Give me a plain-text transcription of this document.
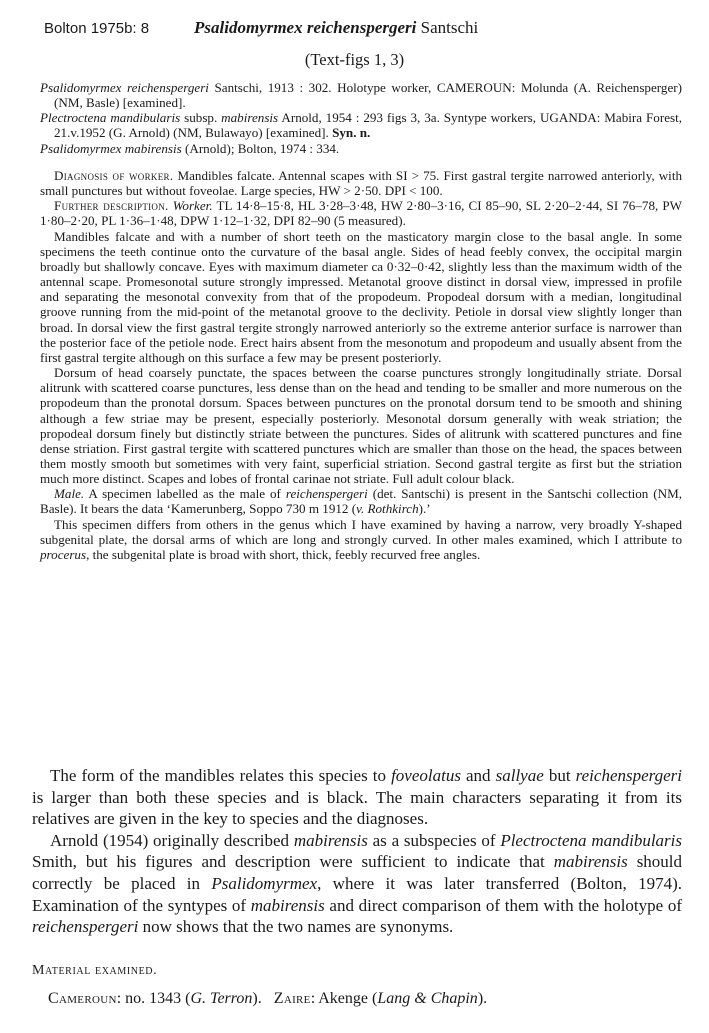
Bolton 1975b: 8	Psalidomyrmex reichenspergeri Santschi
(Text-figs 1, 3)

Psalidomyrmex reichenspergeri Santschi, 1913 : 302. Holotype worker, CAMEROUN: Molunda (A. Reichensperger) (NM, Basle) [examined].

Plectroctena mandibularis subsp. mabirensis Arnold, 1954 : 293 figs 3, 3a. Syntype workers, UGANDA: Mabira Forest, 21.v.1952 (G. Arnold) (NM, Bulawayo) [examined]. Syn. n.

Psalidomyrmex mabirensis (Arnold); Bolton, 1974 : 334.

Diagnosis of worker. Mandibles falcate. Antennal scapes with SI > 75. First gastral tergite narrowed anteriorly, with small punctures but without foveolae. Large species, HW > 2·50. DPI < 100.

Further description. Worker. TL 14·8–15·8, HL 3·28–3·48, HW 2·80–3·16, CI 85–90, SL 2·20–2·44, SI 76–78, PW 1·80–2·20, PL 1·36–1·48, DPW 1·12–1·32, DPI 82–90 (5 measured).

Mandibles falcate and with a number of short teeth on the masticatory margin close to the basal angle. In some specimens the teeth continue onto the curvature of the basal angle. Sides of head feebly convex, the occipital margin broadly but shallowly concave. Eyes with maximum diameter ca 0·32–0·42, slightly less than the maximum width of the antennal scape. Promesonotal suture strongly impressed. Metanotal groove distinct in dorsal view, impressed in profile and separating the mesonotal convexity from that of the propodeum. Propodeal dorsum with a median, longitudinal groove running from the mid-point of the metanotal groove to the declivity. Petiole in dorsal view slightly longer than broad. In dorsal view the first gastral tergite strongly narrowed anteriorly so the extreme anterior surface is narrower than the posterior face of the petiole node. Erect hairs absent from the mesonotum and propodeum and usually absent from the first gastral tergite although on this surface a few may be present posteriorly.

Dorsum of head coarsely punctate, the spaces between the coarse punctures strongly longitudinally striate. Dorsal alitrunk with scattered coarse punctures, less dense than on the head and tending to be smaller and more numerous on the propodeum than the pronotal dorsum. Spaces between punctures on the pronotal dorsum tend to be smooth and shining although a few striae may be present, especially posteriorly. Mesonotal dorsum generally with weak striation; the propodeal dorsum finely but distinctly striate between the punctures. Sides of alitrunk with scattered punctures and fine dense striation. First gastral tergite with scattered punctures which are smaller than those on the head, the spaces between them mostly smooth but sometimes with very faint, superficial striation. Second gastral tergite as first but the striation much more distinct. Scapes and lobes of frontal carinae not striate. Full adult colour black.

Male. A specimen labelled as the male of reichenspergeri (det. Santschi) is present in the Santschi collection (NM, Basle). It bears the data ‘Kamerunberg, Soppo 730 m 1912 (v. Rothkirch).’

This specimen differs from others in the genus which I have examined by having a narrow, very broadly Y-shaped subgenital plate, the dorsal arms of which are long and strongly curved. In other males examined, which I attribute to procerus, the subgenital plate is broad with short, thick, feebly recurved free angles.

The form of the mandibles relates this species to foveolatus and sallyae but reichenspergeri is larger than both these species and is black. The main characters separating it from its relatives are given in the key to species and the diagnoses.

Arnold (1954) originally described mabirensis as a subspecies of Plectroctena mandibularis Smith, but his figures and description were sufficient to indicate that mabirensis should correctly be placed in Psalidomyrmex, where it was later transferred (Bolton, 1974). Examination of the syntypes of mabirensis and direct comparison of them with the holotype of reichenspergeri now shows that the two names are synonyms.

Material examined.
Cameroun: no. 1343 (G. Terron). Zaire: Akenge (Lang & Chapin).
